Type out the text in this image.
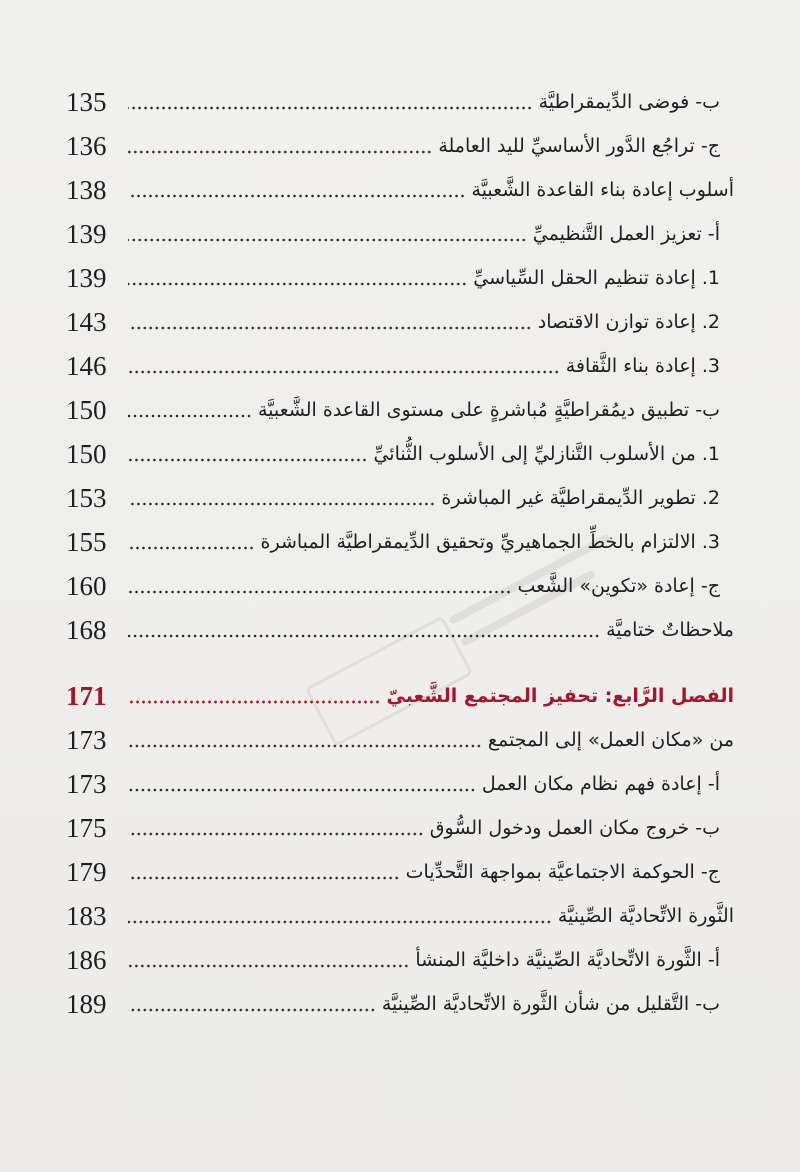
135	ب- فوضى الدِّيمقراطيَّة
136	ج- تراجُع الدَّور الأساسيِّ لليد العاملة
138	أسلوب إعادة بناء القاعدة الشَّعبيَّة
139	أ- تعزيز العمل التَّنظيميِّ
139	1. إعادة تنظيم الحقل السِّياسيِّ
143	2. إعادة توازن الاقتصاد
146	3. إعادة بناء الثَّقافة
150	ب- تطبيق ديمُقراطيَّةٍ مُباشرةٍ على مستوى القاعدة الشَّعبيَّة
150	1. من الأسلوب التَّنازليِّ إلى الأسلوب الثُّنائيِّ
153	2. تطوير الدِّيمقراطيَّة غير المباشرة
155	3. الالتزام بالخطِّ الجماهيريِّ وتحقيق الدِّيمقراطيَّة المباشرة
160	ج- إعادة «تكوين» الشَّعب
168	ملاحظاتٌ ختاميَّة
171	الفصل الرَّابع: تحفيز المجتمع الشَّعبيّ
173	من «مكان العمل» إلى المجتمع
173	أ- إعادة فهم نظام مكان العمل
175	ب- خروج مكان العمل ودخول السُّوق
179	ج- الحوكمة الاجتماعيَّة بمواجهة التَّحدِّيات
183	الثَّورة الاتِّحاديَّة الصِّينيَّة
186	أ- الثَّورة الاتِّحاديَّة الصِّينيَّة داخليَّة المنشأ
189	ب- التَّقليل من شأن الثَّورة الاتِّحاديَّة الصِّينيَّة
